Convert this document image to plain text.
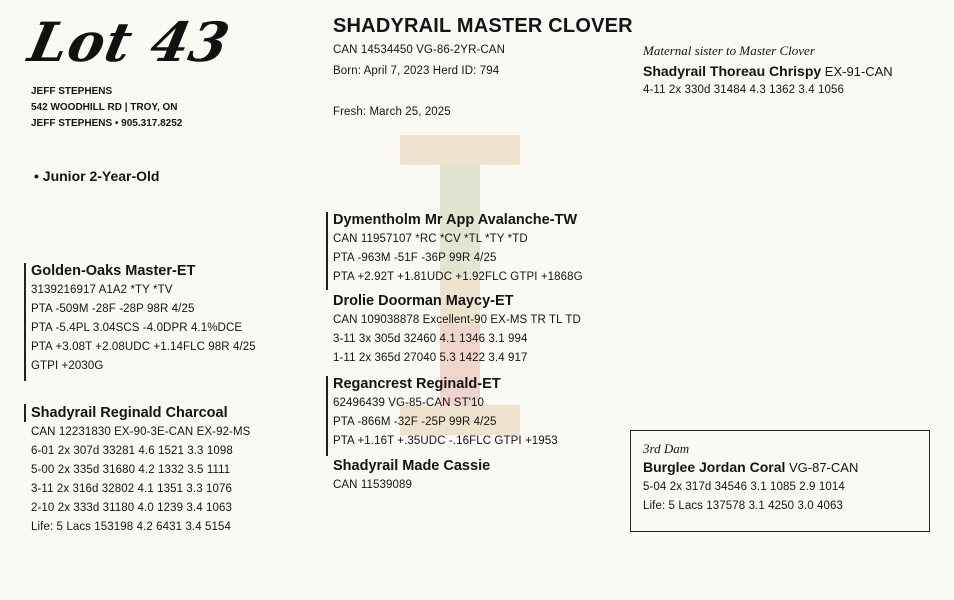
Lot 43
JEFF STEPHENS
542 WOODHILL RD | TROY, ON
JEFF STEPHENS • 905.317.8252
• Junior 2-Year-Old
SHADYRAIL MASTER CLOVER
CAN 14534450 VG-86-2YR-CAN
Born: April 7, 2023 Herd ID: 794
Fresh: March 25, 2025
Maternal sister to Master Clover
Shadyrail Thoreau Chrispy EX-91-CAN
4-11 2x 330d 31484 4.3 1362 3.4 1056
Golden-Oaks Master-ET
3139216917 A1A2 *TY *TV
PTA -509M -28F -28P 98R 4/25
PTA -5.4PL 3.04SCS -4.0DPR 4.1%DCE
PTA +3.08T +2.08UDC +1.14FLC 98R 4/25
GTPI +2030G
Shadyrail Reginald Charcoal
CAN 12231830 EX-90-3E-CAN EX-92-MS
6-01 2x 307d 33281 4.6 1521 3.3 1098
5-00 2x 335d 31680 4.2 1332 3.5 1111
3-11 2x 316d 32802 4.1 1351 3.3 1076
2-10 2x 333d 31180 4.0 1239 3.4 1063
Life: 5 Lacs 153198 4.2 6431 3.4 5154
Dymentholm Mr App Avalanche-TW
CAN 11957107 *RC *CV *TL *TY *TD
PTA -963M -51F -36P 99R 4/25
PTA +2.92T +1.81UDC +1.92FLC GTPI +1868G
Drolie Doorman Maycy-ET
CAN 109038878 Excellent-90 EX-MS TR TL TD
3-11 3x 305d 32460 4.1 1346 3.1 994
1-11 2x 365d 27040 5.3 1422 3.4 917
Regancrest Reginald-ET
62496439 VG-85-CAN ST'10
PTA -866M -32F -25P 99R 4/25
PTA +1.16T +.35UDC -.16FLC GTPI +1953
Shadyrail Made Cassie
CAN 11539089
3rd Dam
Burglee Jordan Coral VG-87-CAN
5-04 2x 317d 34546 3.1 1085 2.9 1014
Life: 5 Lacs 137578 3.1 4250 3.0 4063
